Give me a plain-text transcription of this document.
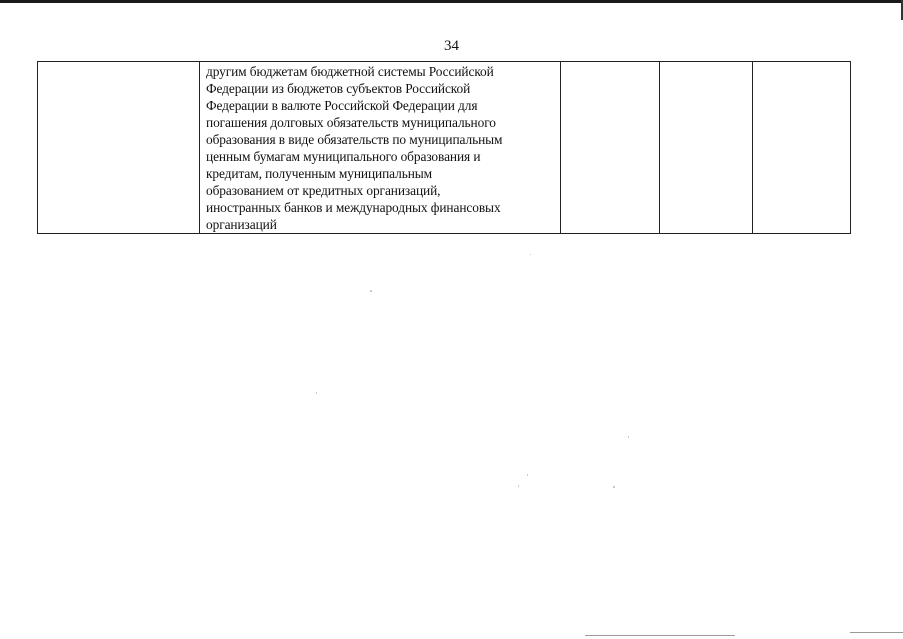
34

другим бюджетам бюджетной системы Российской
Федерации из бюджетов субъектов Российской
Федерации в валюте Российской Федерации для
погашения долговых обязательств муниципального
образования в виде обязательств по муниципальным
ценным бумагам муниципального образования и
кредитам, полученным муниципальным
образованием от кредитных организаций,
иностранных банков и международных финансовых
организаций
